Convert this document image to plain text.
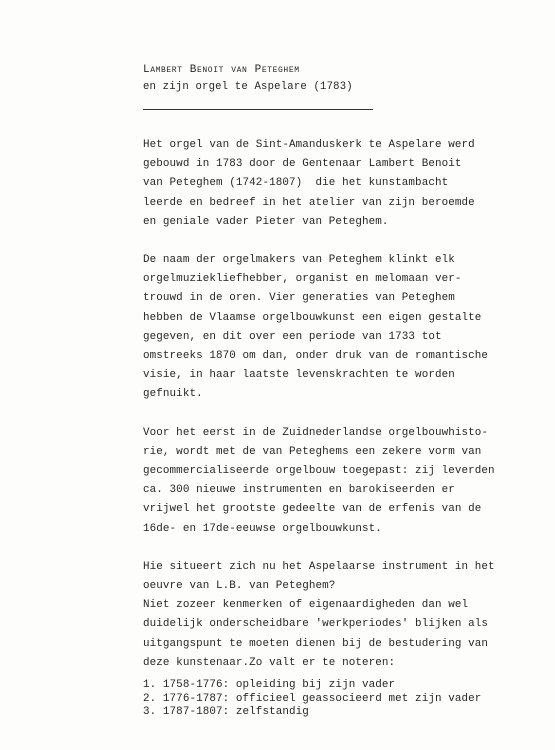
Lambert Benoit van Peteghem
en zijn orgel te Aspelare (1783)
Het orgel van de Sint-Amanduskerk te Aspelare werd
gebouwd in 1783 door de Gentenaar Lambert Benoit
van Peteghem (1742-1807)  die het kunstambacht
leerde en bedreef in het atelier van zijn beroemde
en geniale vader Pieter van Peteghem.
De naam der orgelmakers van Peteghem klinkt elk
orgelmuziekliefhebber, organist en melomaan ver-
trouwd in de oren. Vier generaties van Peteghem
hebben de Vlaamse orgelbouwkunst een eigen gestalte
gegeven, en dit over een periode van 1733 tot
omstreeks 1870 om dan, onder druk van de romantische
visie, in haar laatste levenskrachten te worden
gefnuikt.
Voor het eerst in de Zuidnederlandse orgelbouwhisto-
rie, wordt met de van Peteghems een zekere vorm van
gecommercialiseerde orgelbouw toegepast: zij leverden
ca. 300 nieuwe instrumenten en barokiseerden er
vrijwel het grootste gedeelte van de erfenis van de
16de- en 17de-eeuwse orgelbouwkunst.
Hie situeert zich nu het Aspelaarse instrument in het
oeuvre van L.B. van Peteghem?
Niet zozeer kenmerken of eigenaardigheden dan wel
duidelijk onderscheidbare 'werkperiodes' blijken als
uitgangspunt te moeten dienen bij de bestudering van
deze kunstenaar.Zo valt er te noteren:
1. 1758-1776: opleiding bij zijn vader
2. 1776-1787: officieel geassocieerd met zijn vader
3. 1787-1807: zelfstandig
